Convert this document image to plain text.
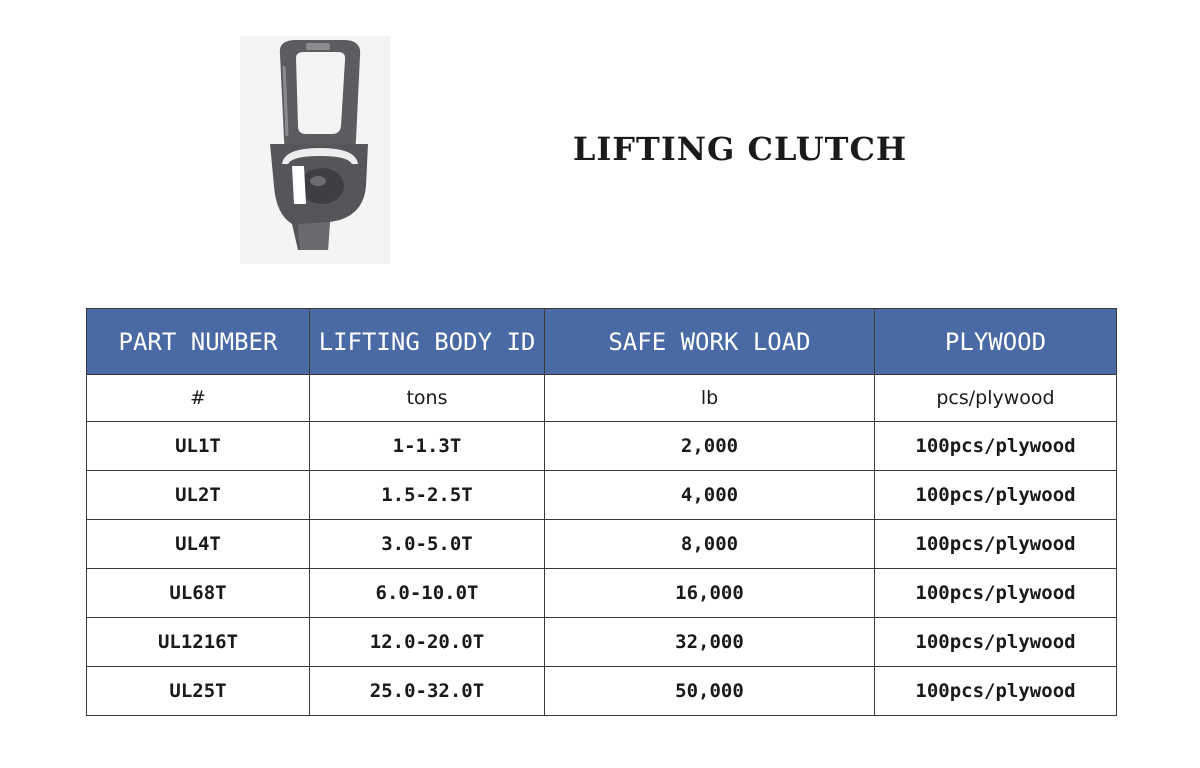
LIFTING CLUTCH
PART NUMBER	LIFTING BODY ID	SAFE WORK LOAD	PLYWOOD
#	tons	lb	pcs/plywood
UL1T	1-1.3T	2,000	100pcs/plywood
UL2T	1.5-2.5T	4,000	100pcs/plywood
UL4T	3.0-5.0T	8,000	100pcs/plywood
UL68T	6.0-10.0T	16,000	100pcs/plywood
UL1216T	12.0-20.0T	32,000	100pcs/plywood
UL25T	25.0-32.0T	50,000	100pcs/plywood
